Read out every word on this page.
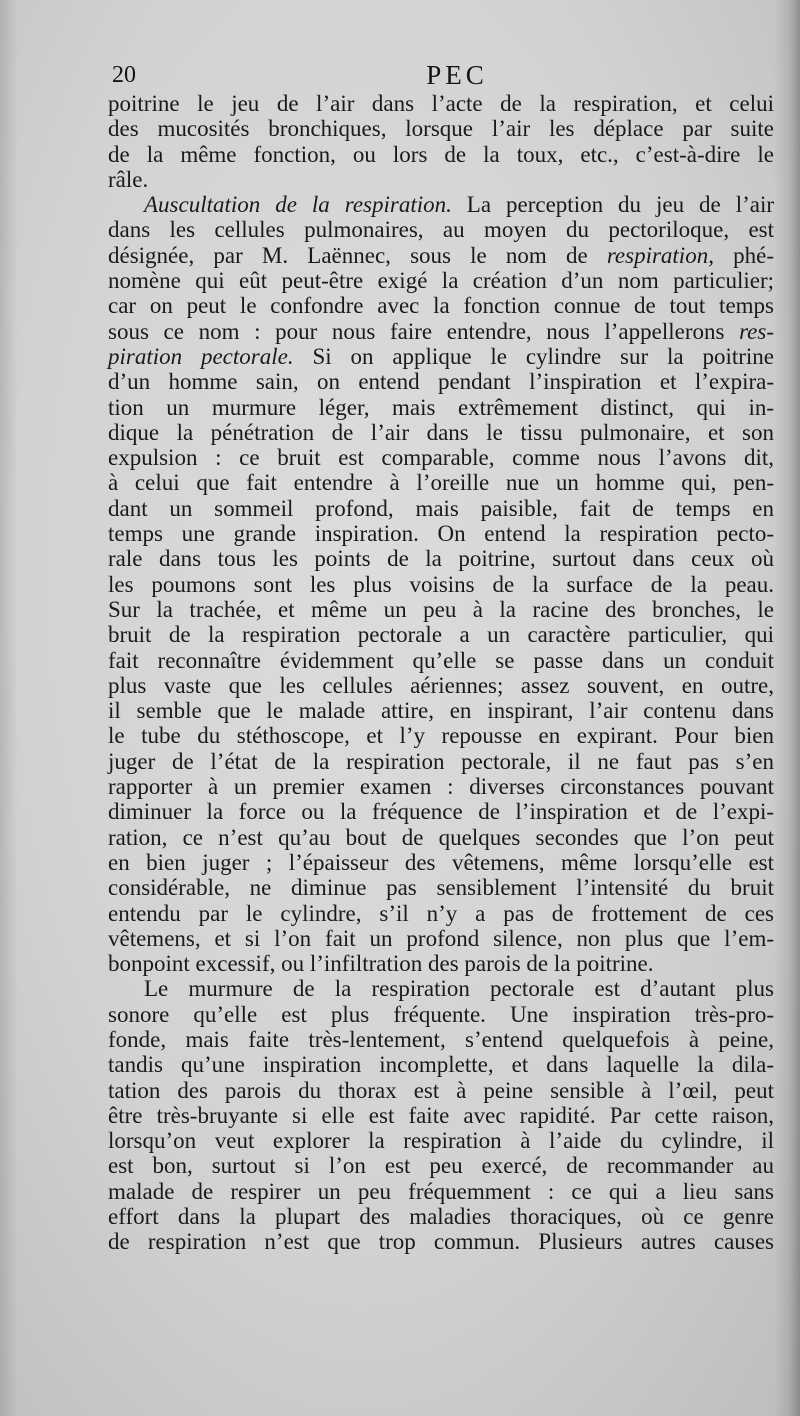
20	PEC
poitrine le jeu de l’air dans l’acte de la respiration, et celui
des mucosités bronchiques, lorsque l’air les déplace par suite
de la même fonction, ou lors de la toux, etc., c’est-à-dire le
râle.
Auscultation de la respiration. La perception du jeu de l’air
dans les cellules pulmonaires, au moyen du pectoriloque, est
désignée, par M. Laënnec, sous le nom de respiration, phé-
nomène qui eût peut-être exigé la création d’un nom particulier;
car on peut le confondre avec la fonction connue de tout temps
sous ce nom : pour nous faire entendre, nous l’appellerons res-
piration pectorale. Si on applique le cylindre sur la poitrine
d’un homme sain, on entend pendant l’inspiration et l’expira-
tion un murmure léger, mais extrêmement distinct, qui in-
dique la pénétration de l’air dans le tissu pulmonaire, et son
expulsion : ce bruit est comparable, comme nous l’avons dit,
à celui que fait entendre à l’oreille nue un homme qui, pen-
dant un sommeil profond, mais paisible, fait de temps en
temps une grande inspiration. On entend la respiration pecto-
rale dans tous les points de la poitrine, surtout dans ceux où
les poumons sont les plus voisins de la surface de la peau.
Sur la trachée, et même un peu à la racine des bronches, le
bruit de la respiration pectorale a un caractère particulier, qui
fait reconnaître évidemment qu’elle se passe dans un conduit
plus vaste que les cellules aériennes; assez souvent, en outre,
il semble que le malade attire, en inspirant, l’air contenu dans
le tube du stéthoscope, et l’y repousse en expirant. Pour bien
juger de l’état de la respiration pectorale, il ne faut pas s’en
rapporter à un premier examen : diverses circonstances pouvant
diminuer la force ou la fréquence de l’inspiration et de l’expi-
ration, ce n’est qu’au bout de quelques secondes que l’on peut
en bien juger ; l’épaisseur des vêtemens, même lorsqu’elle est
considérable, ne diminue pas sensiblement l’intensité du bruit
entendu par le cylindre, s’il n’y a pas de frottement de ces
vêtemens, et si l’on fait un profond silence, non plus que l’em-
bonpoint excessif, ou l’infiltration des parois de la poitrine.
Le murmure de la respiration pectorale est d’autant plus
sonore qu’elle est plus fréquente. Une inspiration très-pro-
fonde, mais faite très-lentement, s’entend quelquefois à peine,
tandis qu’une inspiration incomplette, et dans laquelle la dila-
tation des parois du thorax est à peine sensible à l’œil, peut
être très-bruyante si elle est faite avec rapidité. Par cette raison,
lorsqu’on veut explorer la respiration à l’aide du cylindre, il
est bon, surtout si l’on est peu exercé, de recommander au
malade de respirer un peu fréquemment : ce qui a lieu sans
effort dans la plupart des maladies thoraciques, où ce genre
de respiration n’est que trop commun. Plusieurs autres causes
